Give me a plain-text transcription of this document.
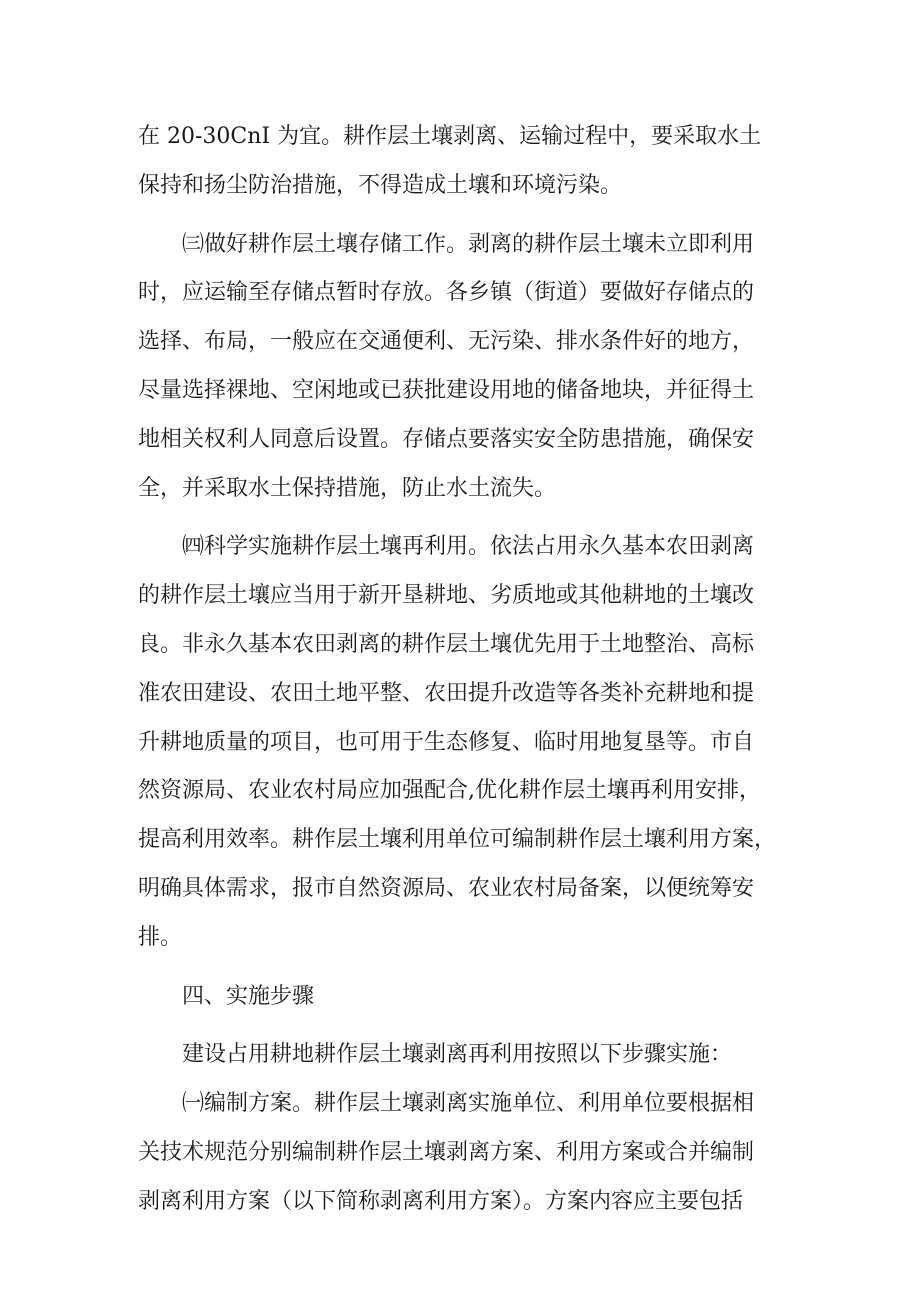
在 20-30CnI 为宜。耕作层土壤剥离、运输过程中，要采取水土
保持和扬尘防治措施，不得造成土壤和环境污染。
㈢做好耕作层土壤存储工作。剥离的耕作层土壤未立即利用
时，应运输至存储点暂时存放。各乡镇（街道）要做好存储点的
选择、布局，一般应在交通便利、无污染、排水条件好的地方，
尽量选择裸地、空闲地或已获批建设用地的储备地块，并征得土
地相关权利人同意后设置。存储点要落实安全防患措施，确保安
全，并采取水土保持措施，防止水土流失。
㈣科学实施耕作层土壤再利用。依法占用永久基本农田剥离
的耕作层土壤应当用于新开垦耕地、劣质地或其他耕地的土壤改
良。非永久基本农田剥离的耕作层土壤优先用于土地整治、高标
准农田建设、农田土地平整、农田提升改造等各类补充耕地和提
升耕地质量的项目，也可用于生态修复、临时用地复垦等。市自
然资源局、农业农村局应加强配合,优化耕作层土壤再利用安排，
提高利用效率。耕作层土壤利用单位可编制耕作层土壤利用方案，
明确具体需求，报市自然资源局、农业农村局备案，以便统筹安
排。
四、实施步骤
建设占用耕地耕作层土壤剥离再利用按照以下步骤实施：
㈠编制方案。耕作层土壤剥离实施单位、利用单位要根据相
关技术规范分别编制耕作层土壤剥离方案、利用方案或合并编制
剥离利用方案（以下简称剥离利用方案）。方案内容应主要包括
